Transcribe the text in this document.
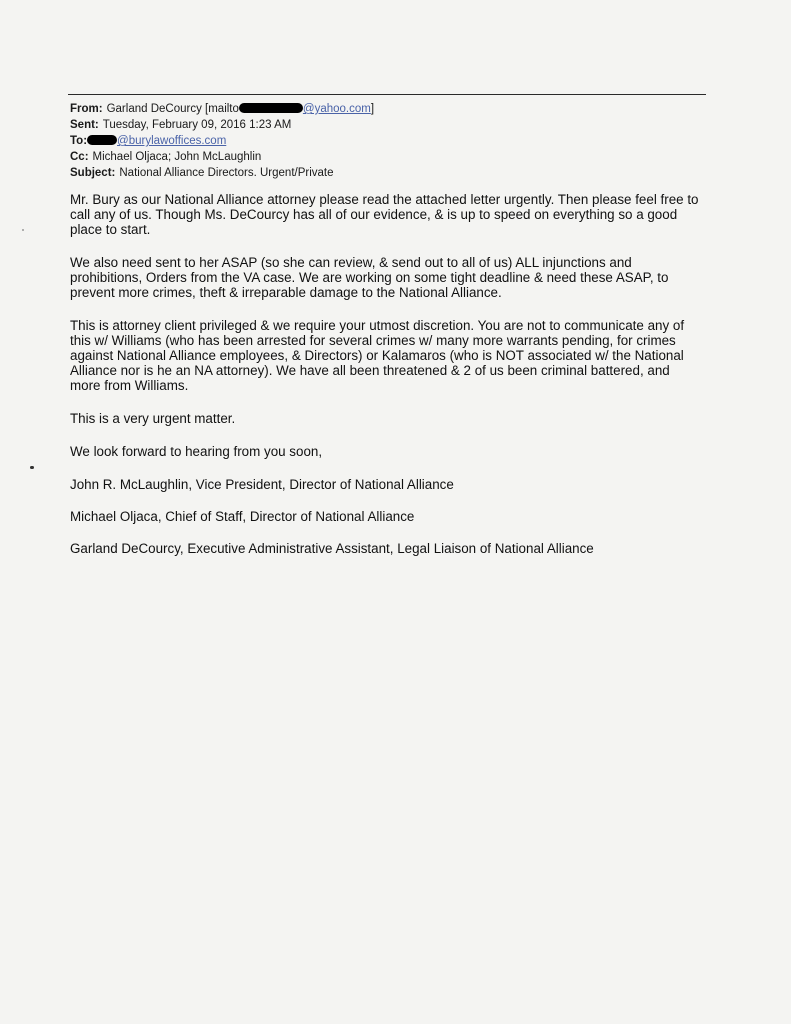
From: Garland DeCourcy [mailto	@yahoo.com]
Sent: Tuesday, February 09, 2016 1:23 AM
To:	@burylawoffices.com
Cc: Michael Oljaca; John McLaughlin
Subject: National Alliance Directors. Urgent/Private

Mr. Bury as our National Alliance attorney please read the attached letter urgently. Then please feel free to call any of us. Though Ms. DeCourcy has all of our evidence, & is up to speed on everything so a good place to start.

We also need sent to her ASAP (so she can review, & send out to all of us) ALL injunctions and prohibitions, Orders from the VA case. We are working on some tight deadline & need these ASAP, to prevent more crimes, theft & irreparable damage to the National Alliance.

This is attorney client privileged & we require your utmost discretion. You are not to communicate any of this w/ Williams (who has been arrested for several crimes w/ many more warrants pending, for crimes against National Alliance employees, & Directors) or Kalamaros (who is NOT associated w/ the National Alliance nor is he an NA attorney). We have all been threatened & 2 of us been criminal battered, and more from Williams.

This is a very urgent matter.

We look forward to hearing from you soon,

John R. McLaughlin, Vice President, Director of National Alliance

Michael Oljaca, Chief of Staff, Director of National Alliance

Garland DeCourcy, Executive Administrative Assistant, Legal Liaison of National Alliance
